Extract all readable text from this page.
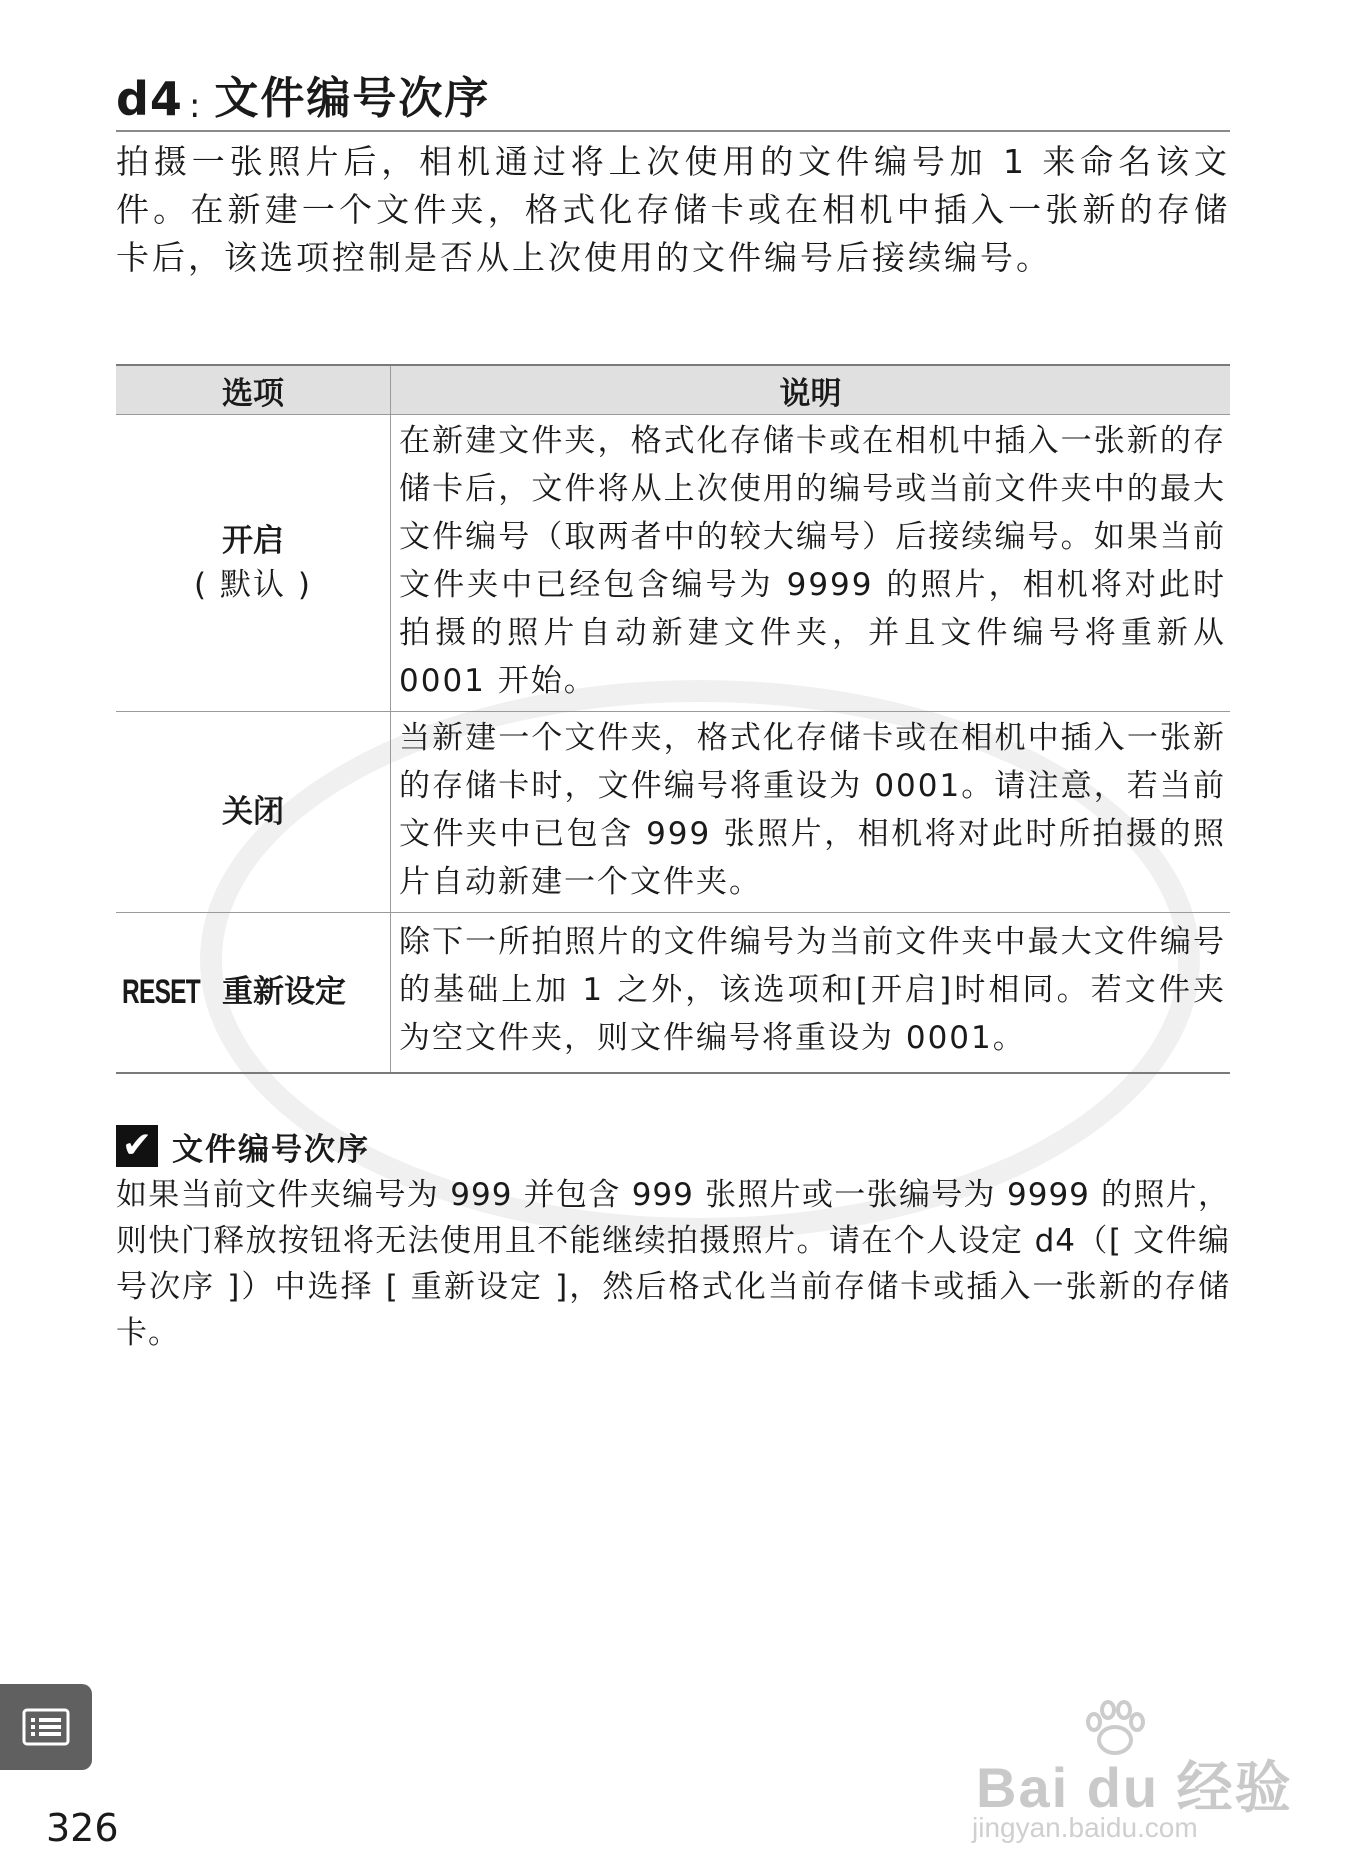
d4 : 文件编号次序

拍摄一张照片后，相机通过将上次使用的文件编号加 1 来命名该文件。在新建一个文件夹，格式化存储卡或在相机中插入一张新的存储卡后，该选项控制是否从上次使用的文件编号后接续编号。

选项	说明

开启
( 默认 )	在新建文件夹，格式化存储卡或在相机中插入一张新的存储卡后，文件将从上次使用的编号或当前文件夹中的最大文件编号（取两者中的较大编号）后接续编号。如果当前文件夹中已经包含编号为 9999 的照片，相机将对此时拍摄的照片自动新建文件夹，并且文件编号将重新从 0001 开始。

关闭	当新建一个文件夹，格式化存储卡或在相机中插入一张新的存储卡时，文件编号将重设为 0001。请注意，若当前文件夹中已包含 999 张照片，相机将对此时所拍摄的照片自动新建一个文件夹。

RESET 重新设定	除下一所拍照片的文件编号为当前文件夹中最大文件编号的基础上加 1 之外，该选项和[开启]时相同。若文件夹为空文件夹，则文件编号将重设为 0001。
✔ 文件编号次序

如果当前文件夹编号为 999 并包含 999 张照片或一张编号为 9999 的照片，则快门释放按钮将无法使用且不能继续拍摄照片。请在个人设定 d4（[ 文件编号次序 ]）中选择 [ 重新设定 ]，然后格式化当前存储卡或插入一张新的存储卡。

326
Bai du 经验
jingyan.baidu.com
